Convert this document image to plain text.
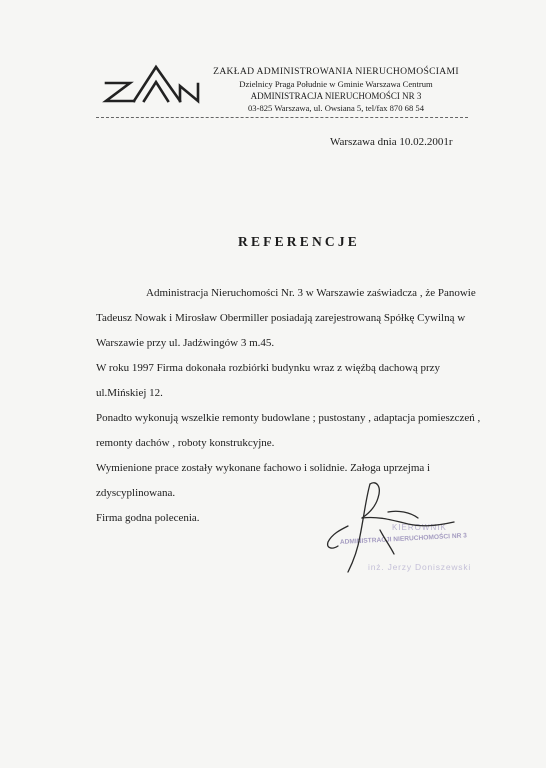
ZAKŁAD ADMINISTROWANIA NIERUCHOMOŚCIAMI
Dzielnicy Praga Południe w Gminie Warszawa Centrum
ADMINISTRACJA NIERUCHOMOŚCI NR 3
03-825 Warszawa, ul. Owsiana 5, tel/fax 870 68 54
Warszawa dnia 10.02.2001r
REFERENCJE
Administracja Nieruchomości Nr. 3 w Warszawie zaświadcza , że Panowie
Tadeusz Nowak i Mirosław Obermiller posiadają zarejestrowaną Spółkę Cywilną w
Warszawie przy ul. Jadźwingów 3 m.45.
W roku 1997 Firma dokonała rozbiórki budynku wraz z więźbą dachową przy
ul.Mińskiej 12.
Ponadto wykonują wszelkie remonty budowlane ; pustostany , adaptacja pomieszczeń ,
remonty dachów , roboty konstrukcyjne.
Wymienione prace zostały wykonane fachowo i solidnie. Załoga uprzejma i
zdyscyplinowana.
Firma godna polecenia.
KIEROWNIK
ADMINISTRACJI NIERUCHOMOŚCI NR 3
inż. Jerzy Doniszewski
